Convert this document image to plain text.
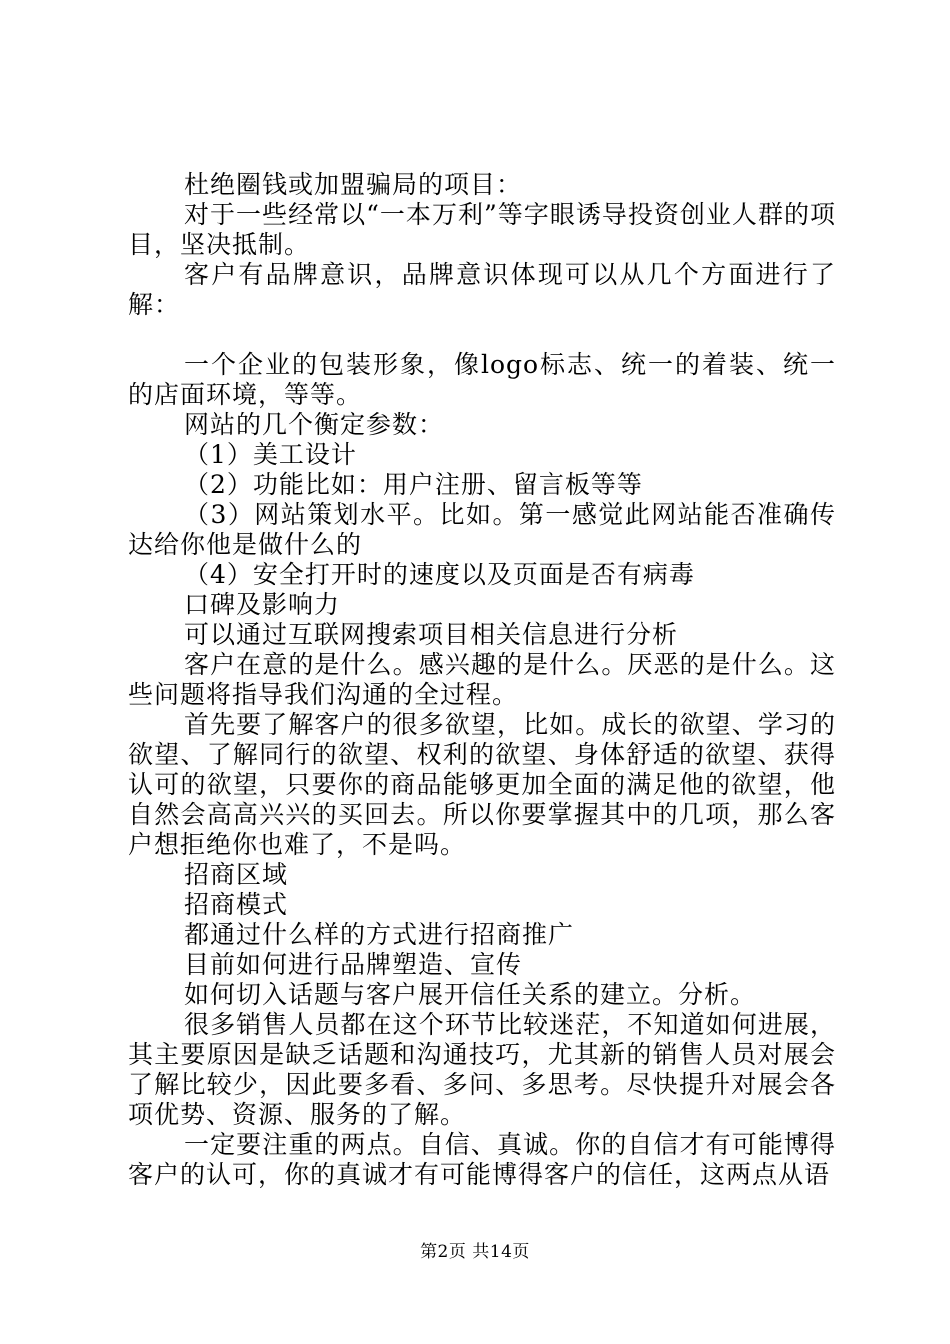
杜绝圈钱或加盟骗局的项目：

对于一些经常以“一本万利”等字眼诱导投资创业人群的项目，坚决抵制。

客户有品牌意识，品牌意识体现可以从几个方面进行了解：

一个企业的包装形象，像logo标志、统一的着装、统一的店面环境，等等。

网站的几个衡定参数：

（1）美工设计

（2）功能比如：用户注册、留言板等等

（3）网站策划水平。比如。第一感觉此网站能否准确传达给你他是做什么的

（4）安全打开时的速度以及页面是否有病毒

口碑及影响力

可以通过互联网搜索项目相关信息进行分析

客户在意的是什么。感兴趣的是什么。厌恶的是什么。这些问题将指导我们沟通的全过程。

首先要了解客户的很多欲望，比如。成长的欲望、学习的欲望、了解同行的欲望、权利的欲望、身体舒适的欲望、获得认可的欲望，只要你的商品能够更加全面的满足他的欲望，他自然会高高兴兴的买回去。所以你要掌握其中的几项，那么客户想拒绝你也难了，不是吗。

招商区域

招商模式

都通过什么样的方式进行招商推广

目前如何进行品牌塑造、宣传

如何切入话题与客户展开信任关系的建立。分析。

很多销售人员都在这个环节比较迷茫，不知道如何进展，其主要原因是缺乏话题和沟通技巧，尤其新的销售人员对展会了解比较少，因此要多看、多问、多思考。尽快提升对展会各项优势、资源、服务的了解。

一定要注重的两点。自信、真诚。你的自信才有可能博得客户的认可，你的真诚才有可能博得客户的信任，这两点从语

第2页 共14页
